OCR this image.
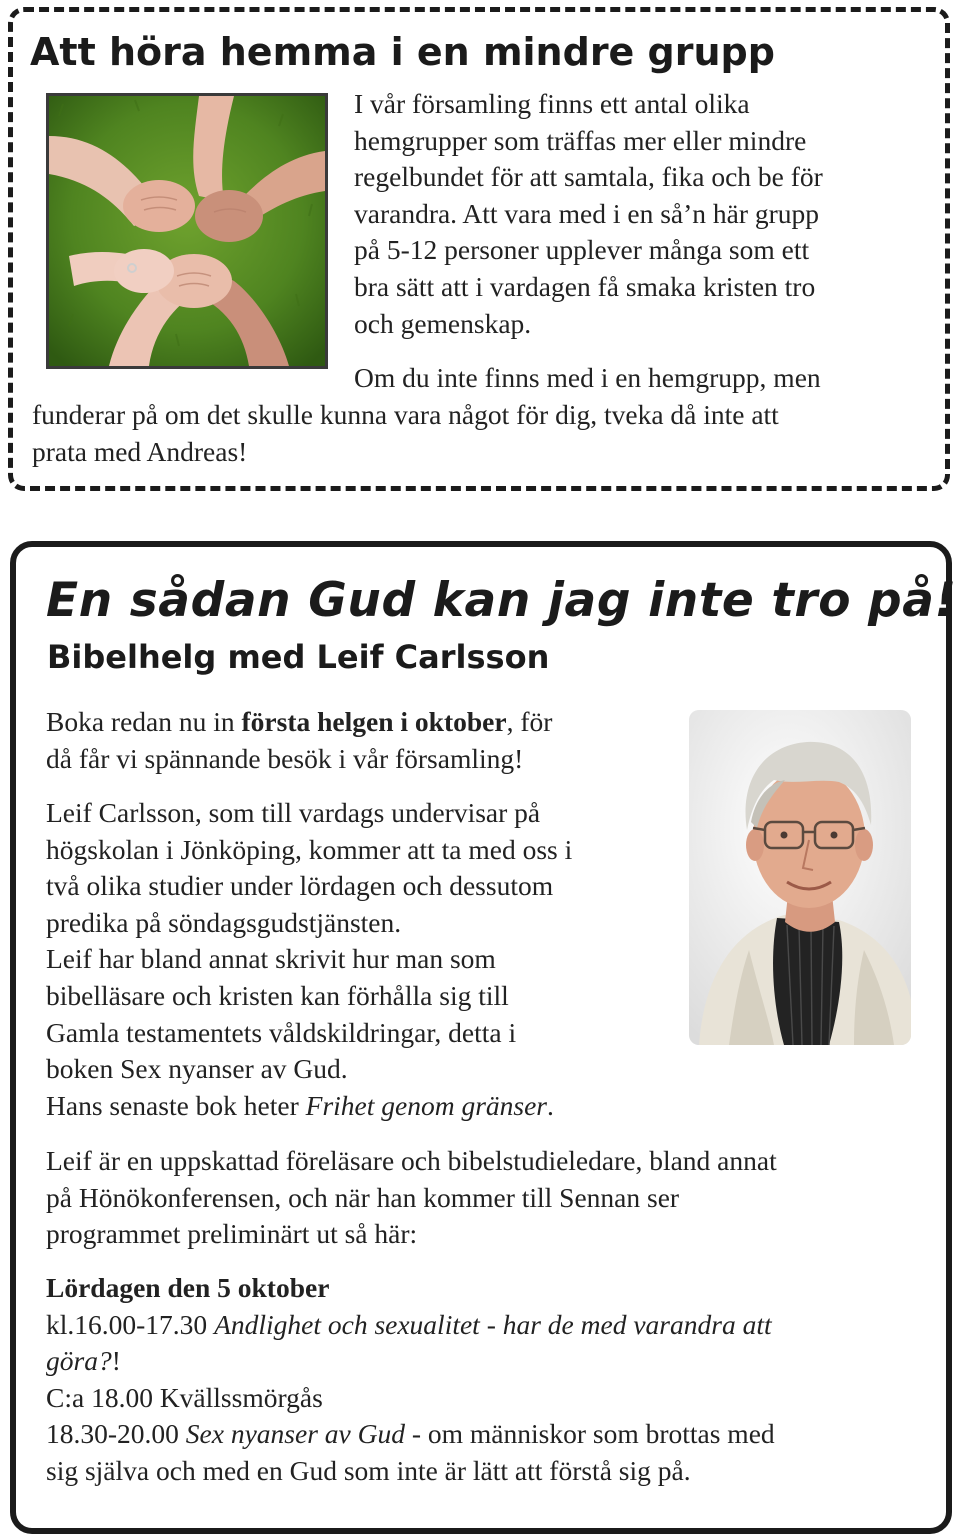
Att höra hemma i en mindre grupp
I vår församling finns ett antal olika
hemgrupper som träffas mer eller mindre
regelbundet för att samtala, fika och be för
varandra. Att vara med i en så’n här grupp
på 5-12 personer upplever många som ett
bra sätt att i vardagen få smaka kristen tro
och gemenskap.
Om du inte finns med i en hemgrupp, men
funderar på om det skulle kunna vara något för dig, tveka då inte att
prata med Andreas!
En sådan Gud kan jag inte tro på!
Bibelhelg med Leif Carlsson
Boka redan nu in första helgen i oktober, för
då får vi spännande besök i vår församling!
Leif Carlsson, som till vardags undervisar på
högskolan i Jönköping, kommer att ta med oss i
två olika studier under lördagen och dessutom
predika på söndagsgudstjänsten.
Leif har bland annat skrivit hur man som
bibelläsare och kristen kan förhålla sig till
Gamla testamentets våldskildringar, detta i
boken Sex nyanser av Gud.
Hans senaste bok heter Frihet genom gränser.
Leif är en uppskattad föreläsare och bibelstudieledare, bland annat
på Hönökonferensen, och när han kommer till Sennan ser
programmet preliminärt ut så här:
Lördagen den 5 oktober
kl.16.00-17.30 Andlighet och sexualitet - har de med varandra att
göra?!
C:a 18.00 Kvällssmörgås
18.30-20.00 Sex nyanser av Gud - om människor som brottas med
sig själva och med en Gud som inte är lätt att förstå sig på.
